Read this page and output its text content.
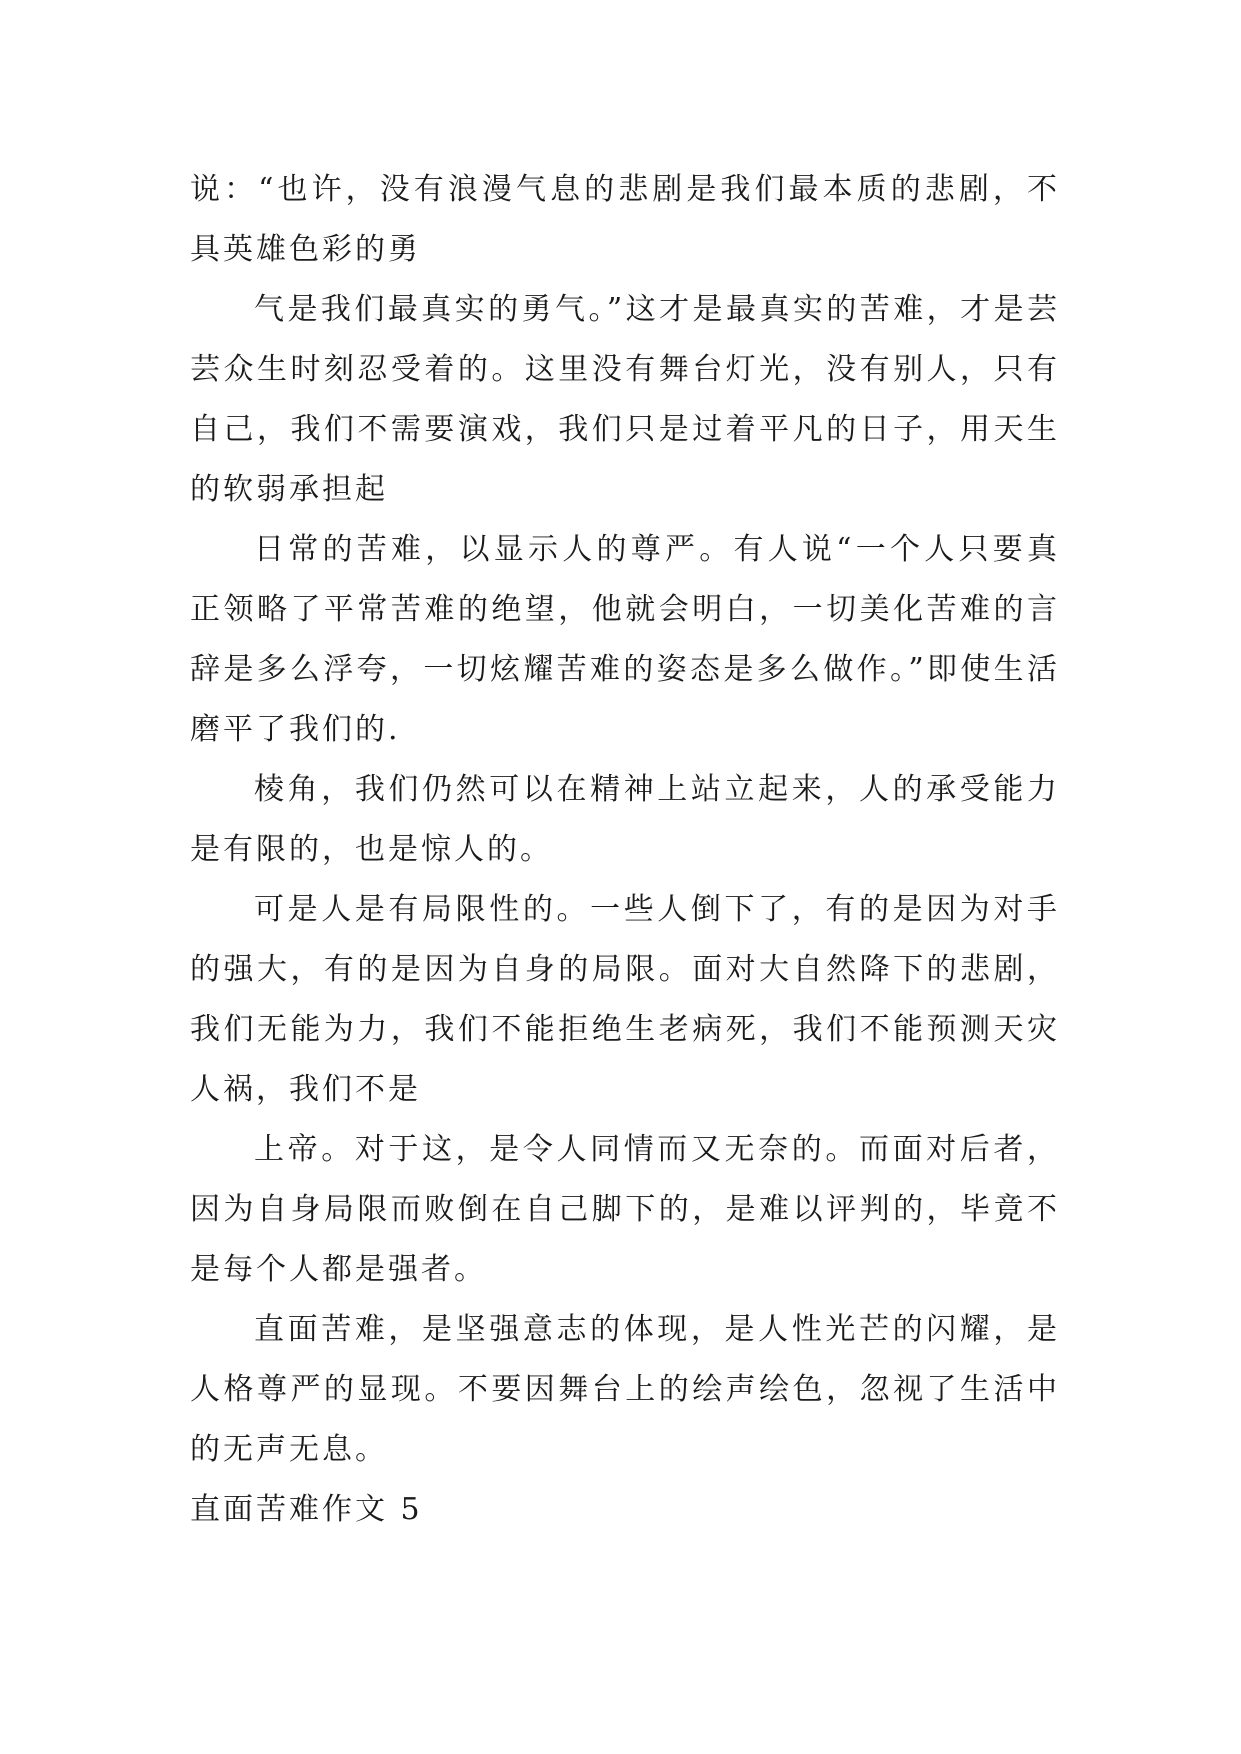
说：“也许，没有浪漫气息的悲剧是我们最本质的悲剧，不具英雄色彩的勇

气是我们最真实的勇气。”这才是最真实的苦难，才是芸芸众生时刻忍受着的。这里没有舞台灯光，没有别人，只有自己，我们不需要演戏，我们只是过着平凡的日子，用天生的软弱承担起

日常的苦难，以显示人的尊严。有人说“一个人只要真正领略了平常苦难的绝望，他就会明白，一切美化苦难的言辞是多么浮夸，一切炫耀苦难的姿态是多么做作。”即使生活磨平了我们的.

棱角，我们仍然可以在精神上站立起来，人的承受能力是有限的，也是惊人的。

可是人是有局限性的。一些人倒下了，有的是因为对手的强大，有的是因为自身的局限。面对大自然降下的悲剧，我们无能为力，我们不能拒绝生老病死，我们不能预测天灾人祸，我们不是

上帝。对于这，是令人同情而又无奈的。而面对后者，因为自身局限而败倒在自己脚下的，是难以评判的，毕竟不是每个人都是强者。

直面苦难，是坚强意志的体现，是人性光芒的闪耀，是人格尊严的显现。不要因舞台上的绘声绘色，忽视了生活中的无声无息。

直面苦难作文 5
